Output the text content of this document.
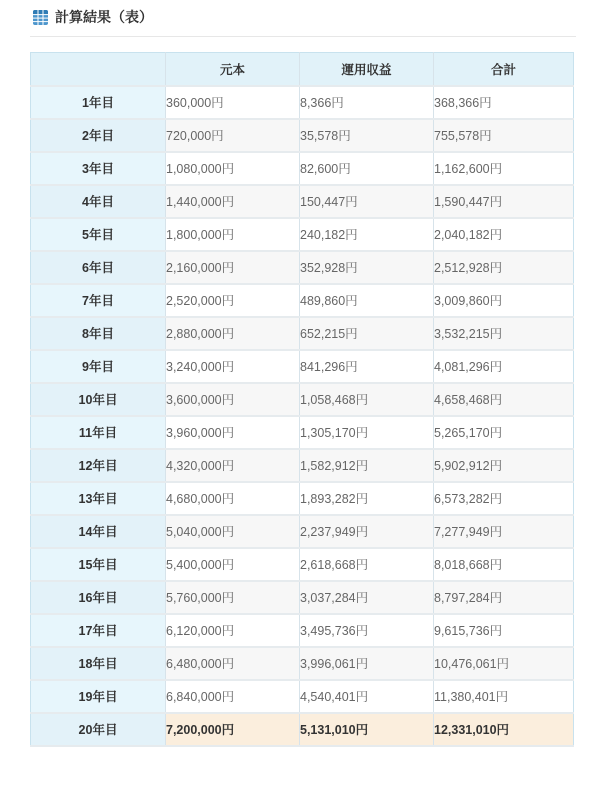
計算結果（表）
	元本	運用収益	合計
1年目	360,000円	8,366円	368,366円
2年目	720,000円	35,578円	755,578円
3年目	1,080,000円	82,600円	1,162,600円
4年目	1,440,000円	150,447円	1,590,447円
5年目	1,800,000円	240,182円	2,040,182円
6年目	2,160,000円	352,928円	2,512,928円
7年目	2,520,000円	489,860円	3,009,860円
8年目	2,880,000円	652,215円	3,532,215円
9年目	3,240,000円	841,296円	4,081,296円
10年目	3,600,000円	1,058,468円	4,658,468円
11年目	3,960,000円	1,305,170円	5,265,170円
12年目	4,320,000円	1,582,912円	5,902,912円
13年目	4,680,000円	1,893,282円	6,573,282円
14年目	5,040,000円	2,237,949円	7,277,949円
15年目	5,400,000円	2,618,668円	8,018,668円
16年目	5,760,000円	3,037,284円	8,797,284円
17年目	6,120,000円	3,495,736円	9,615,736円
18年目	6,480,000円	3,996,061円	10,476,061円
19年目	6,840,000円	4,540,401円	11,380,401円
20年目	7,200,000円	5,131,010円	12,331,010円
